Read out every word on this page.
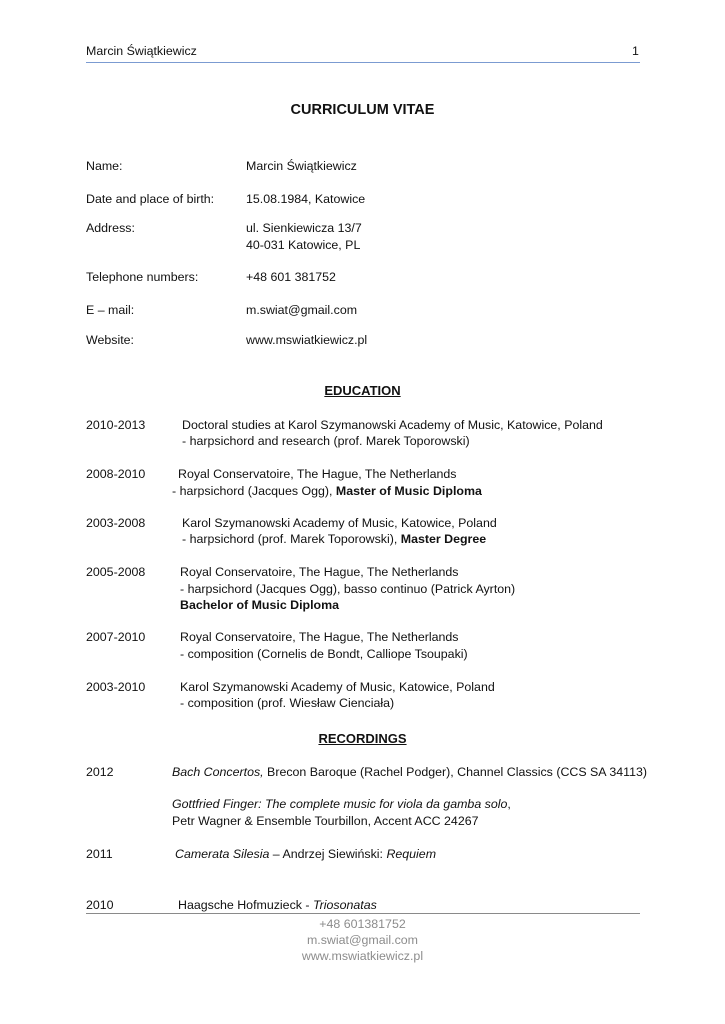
Marcin Świątkiewicz	1
CURRICULUM VITAE
Name:	Marcin Świątkiewicz
Date and place of birth:	15.08.1984, Katowice
Address:	ul. Sienkiewicza 13/7
40-031 Katowice, PL
Telephone numbers:	+48 601 381752
E – mail:	m.swiat@gmail.com
Website:	www.mswiatkiewicz.pl
EDUCATION
2010-2013	Doctoral studies at Karol Szymanowski Academy of Music, Katowice, Poland
- harpsichord and research (prof. Marek Toporowski)
2008-2010	Royal Conservatoire, The Hague, The Netherlands
- harpsichord (Jacques Ogg), Master of Music Diploma
2003-2008	Karol Szymanowski Academy of Music, Katowice, Poland
- harpsichord (prof. Marek Toporowski), Master Degree
2005-2008	Royal Conservatoire, The Hague, The Netherlands
- harpsichord (Jacques Ogg), basso continuo (Patrick Ayrton)
Bachelor of Music Diploma
2007-2010	Royal Conservatoire, The Hague, The Netherlands
- composition (Cornelis de Bondt, Calliope Tsoupaki)
2003-2010	Karol Szymanowski Academy of Music, Katowice, Poland
- composition (prof. Wiesław Cienciała)
RECORDINGS
2012	Bach Concertos, Brecon Baroque (Rachel Podger), Channel Classics (CCS SA 34113)
Gottfried Finger: The complete music for viola da gamba solo,
Petr Wagner & Ensemble Tourbillon, Accent ACC 24267
2011	Camerata Silesia – Andrzej Siewiński: Requiem
2010	Haagsche Hofmuzieck - Triosonatas
+48 601381752
m.swiat@gmail.com
www.mswiatkiewicz.pl
